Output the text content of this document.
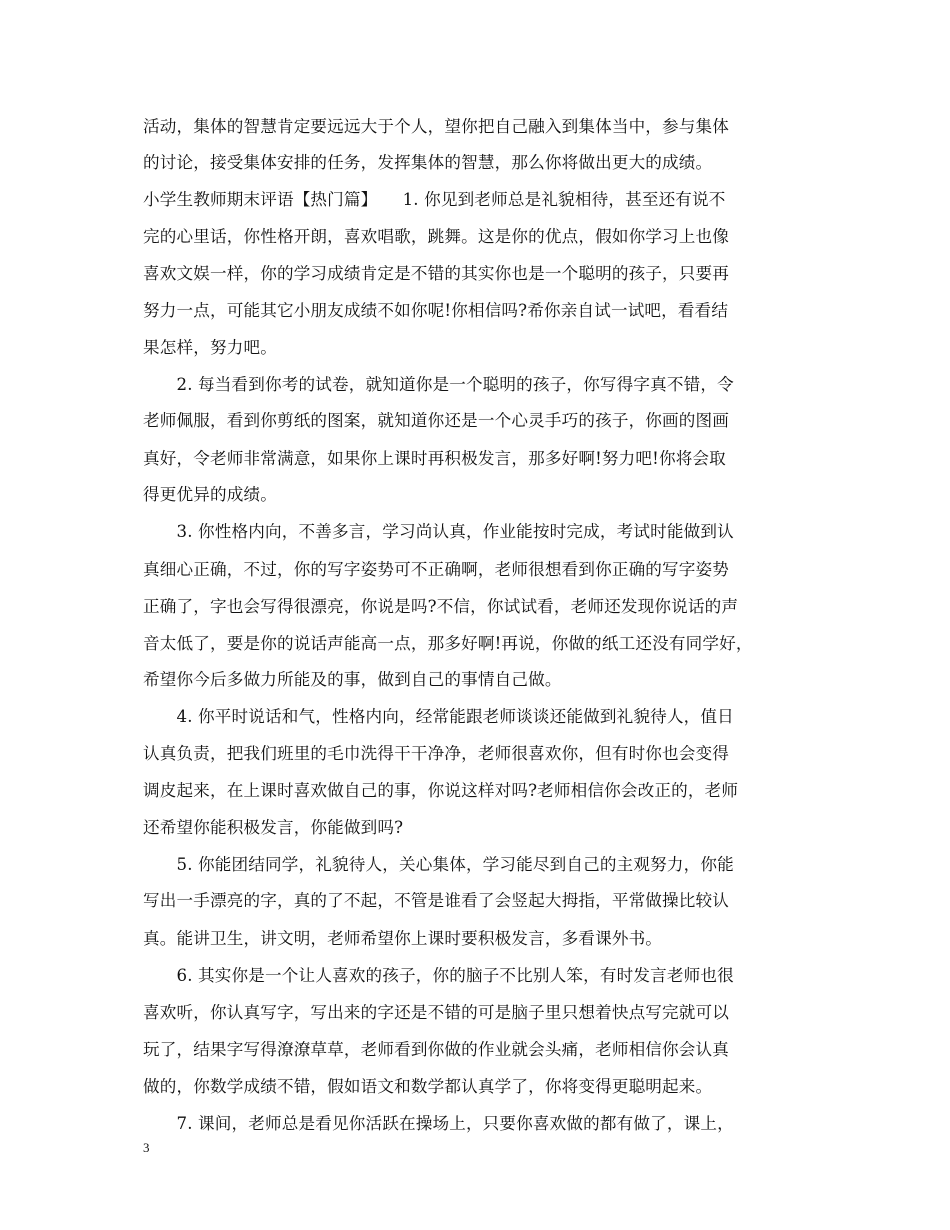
活动，集体的智慧肯定要远远大于个人，望你把自己融入到集体当中，参与集体
的讨论，接受集体安排的任务，发挥集体的智慧，那么你将做出更大的成绩。
小学生教师期末评语【热门篇】　　1. 你见到老师总是礼貌相待，甚至还有说不
完的心里话，你性格开朗，喜欢唱歌，跳舞。这是你的优点，假如你学习上也像
喜欢文娱一样，你的学习成绩肯定是不错的其实你也是一个聪明的孩子，只要再
努力一点，可能其它小朋友成绩不如你呢!你相信吗?希你亲自试一试吧，看看结
果怎样，努力吧。
　　2. 每当看到你考的试卷，就知道你是一个聪明的孩子，你写得字真不错，令
老师佩服，看到你剪纸的图案，就知道你还是一个心灵手巧的孩子，你画的图画
真好，令老师非常满意，如果你上课时再积极发言，那多好啊!努力吧!你将会取
得更优异的成绩。
　　3. 你性格内向，不善多言，学习尚认真，作业能按时完成，考试时能做到认
真细心正确，不过，你的写字姿势可不正确啊，老师很想看到你正确的写字姿势
正确了，字也会写得很漂亮，你说是吗?不信，你试试看，老师还发现你说话的声
音太低了，要是你的说话声能高一点，那多好啊!再说，你做的纸工还没有同学好，
希望你今后多做力所能及的事，做到自己的事情自己做。
　　4. 你平时说话和气，性格内向，经常能跟老师谈谈还能做到礼貌待人，值日
认真负责，把我们班里的毛巾洗得干干净净，老师很喜欢你，但有时你也会变得
调皮起来，在上课时喜欢做自己的事，你说这样对吗?老师相信你会改正的，老师
还希望你能积极发言，你能做到吗?
　　5. 你能团结同学，礼貌待人，关心集体，学习能尽到自己的主观努力，你能
写出一手漂亮的字，真的了不起，不管是谁看了会竖起大拇指，平常做操比较认
真。能讲卫生，讲文明，老师希望你上课时要积极发言，多看课外书。
　　6. 其实你是一个让人喜欢的孩子，你的脑子不比别人笨，有时发言老师也很
喜欢听，你认真写字，写出来的字还是不错的可是脑子里只想着快点写完就可以
玩了，结果字写得潦潦草草，老师看到你做的作业就会头痛，老师相信你会认真
做的，你数学成绩不错，假如语文和数学都认真学了，你将变得更聪明起来。
　　7. 课间，老师总是看见你活跃在操场上，只要你喜欢做的都有做了，课上，
3
